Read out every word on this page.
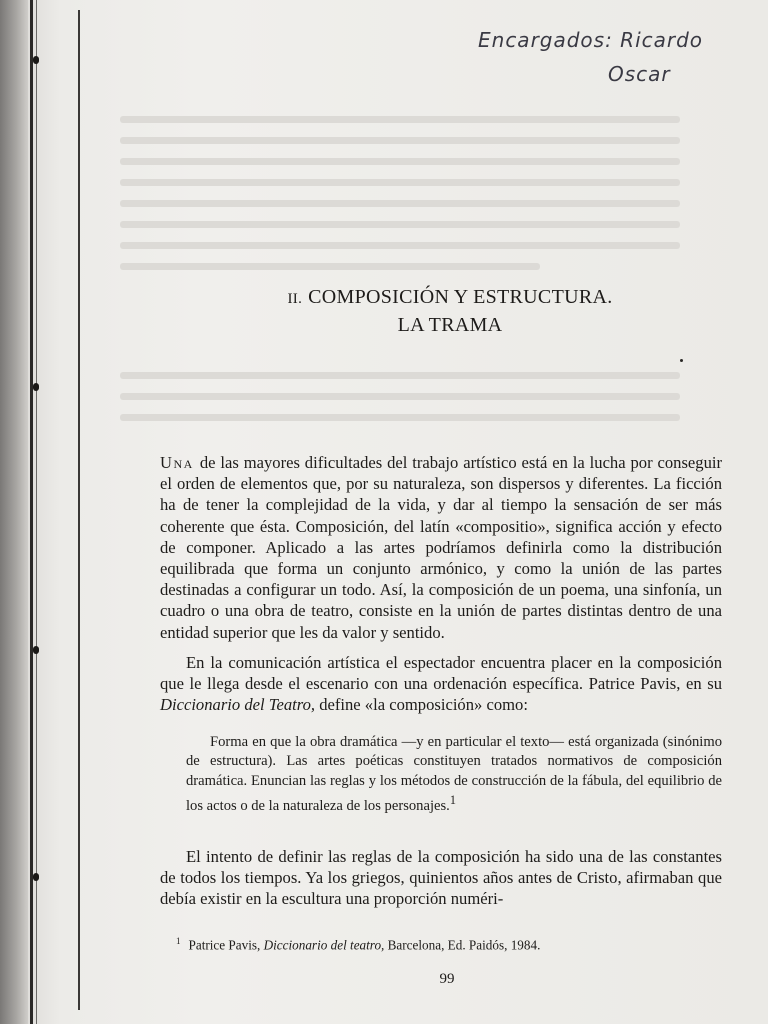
Encargados: Ricardo
Oscar
II. COMPOSICIÓN Y ESTRUCTURA.
LA TRAMA

Una de las mayores dificultades del trabajo artístico está en la lucha por conseguir el orden de elementos que, por su naturaleza, son dispersos y diferentes. La ficción ha de tener la complejidad de la vida, y dar al tiempo la sensación de ser más coherente que ésta. Composición, del latín «compositio», significa acción y efecto de componer. Aplicado a las artes podríamos definirla como la distribución equilibrada que forma un conjunto armónico, y como la unión de las partes destinadas a configurar un todo. Así, la composición de un poema, una sinfonía, un cuadro o una obra de teatro, consiste en la unión de partes distintas dentro de una entidad superior que les da valor y sentido.

En la comunicación artística el espectador encuentra placer en la composición que le llega desde el escenario con una ordenación específica. Patrice Pavis, en su Diccionario del Teatro, define «la composición» como:

Forma en que la obra dramática —y en particular el texto— está organizada (sinónimo de estructura). Las artes poéticas constituyen tratados normativos de composición dramática. Enuncian las reglas y los métodos de construcción de la fábula, del equilibrio de los actos o de la naturaleza de los personajes.$^1$

El intento de definir las reglas de la composición ha sido una de las constantes de todos los tiempos. Ya los griegos, quinientos años antes de Cristo, afirmaban que debía existir en la escultura una proporción numéri-

$^1$ Patrice Pavis, Diccionario del teatro, Barcelona, Ed. Paidós, 1984.
99
